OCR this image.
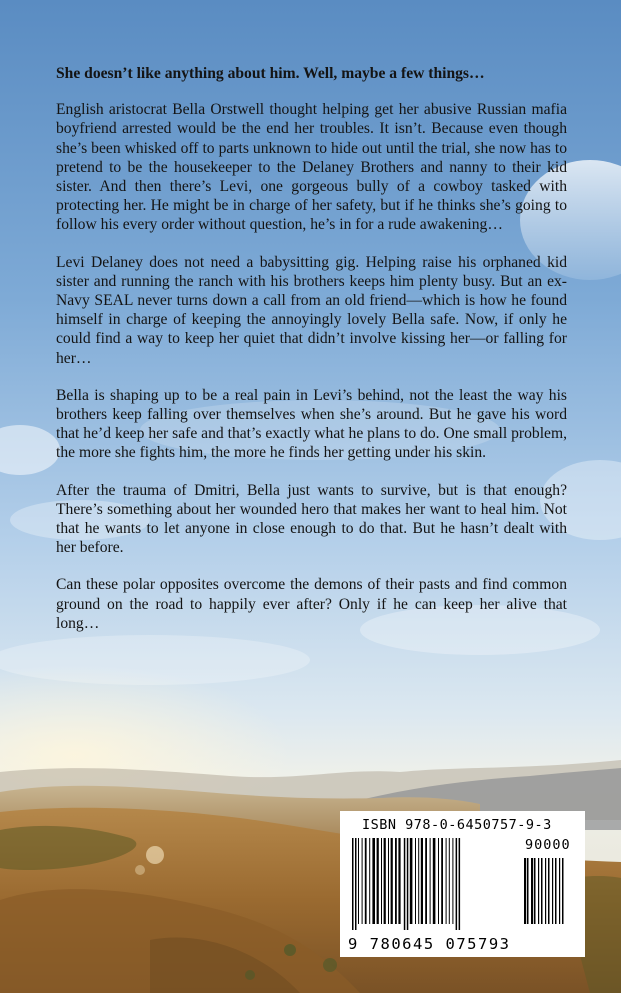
She doesn’t like anything about him. Well, maybe a few things…

English aristocrat Bella Orstwell thought helping get her abusive Russian mafia boyfriend arrested would be the end her troubles. It isn’t. Because even though she’s been whisked off to parts unknown to hide out until the trial, she now has to pretend to be the housekeeper to the Delaney Brothers and nanny to their kid sister. And then there’s Levi, one gorgeous bully of a cowboy tasked with protecting her. He might be in charge of her safety, but if he thinks she’s going to follow his every order without question, he’s in for a rude awakening…

Levi Delaney does not need a babysitting gig. Helping raise his orphaned kid sister and running the ranch with his brothers keeps him plenty busy. But an ex-Navy SEAL never turns down a call from an old friend—which is how he found himself in charge of keeping the annoyingly lovely Bella safe. Now, if only he could find a way to keep her quiet that didn’t involve kissing her—or falling for her…

Bella is shaping up to be a real pain in Levi’s behind, not the least the way his brothers keep falling over themselves when she’s around. But he gave his word that he’d keep her safe and that’s exactly what he plans to do. One small problem, the more she fights him, the more he finds her getting under his skin.

After the trauma of Dmitri, Bella just wants to survive, but is that enough? There’s something about her wounded hero that makes her want to heal him. Not that he wants to let anyone in close enough to do that. But he hasn’t dealt with her before.

Can these polar opposites overcome the demons of their pasts and find common ground on the road to happily ever after? Only if he can keep her alive that long…

ISBN 978-0-6450757-9-3
90000
9 780645 075793
